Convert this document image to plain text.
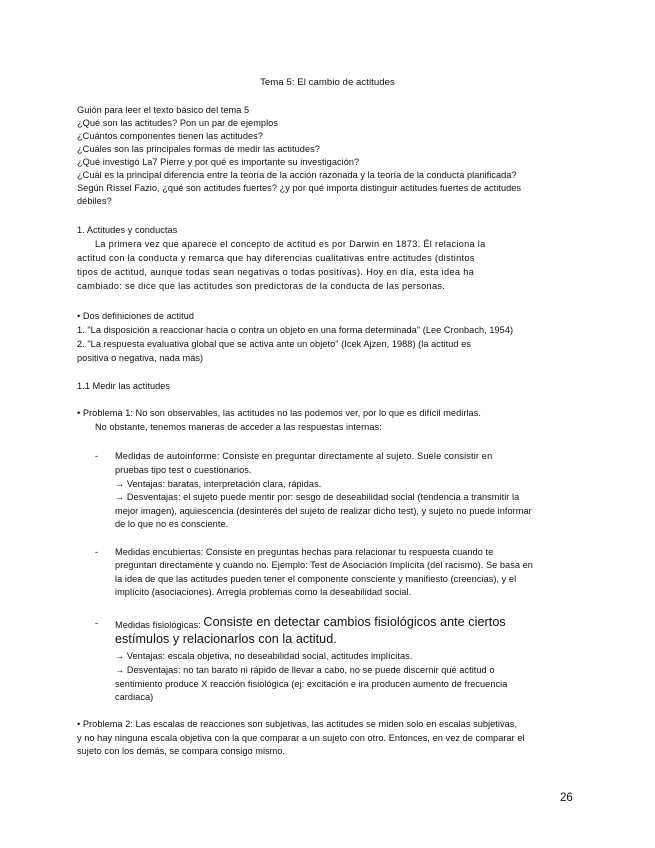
Tema 5: El cambio de actitudes
Guión para leer el texto básico del tema 5
¿Qué son las actitudes? Pon un par de ejemplos
¿Cuántos componentes tienen las actitudes?
¿Cuáles son las principales formas de medir las actitudes?
¿Qué investigó La7 Pierre y por qué es importante su investigación?
¿Cuál es la principal diferencia entre la teoría de la acción razonada y la teoría de la conducta planificada?
Según Rissel Fazio, ¿qué son actitudes fuertes? ¿y por qué importa distinguir actitudes fuertes de actitudes
débiles?
1. Actitudes y conductas
La primera vez que aparece el concepto de actitud es por Darwin en 1873. Él relaciona la
actitud con la conducta y remarca que hay diferencias cualitativas entre actitudes (distintos
tipos de actitud, aunque todas sean negativas o todas positivas). Hoy en día, esta idea ha
cambiado: se dice que las actitudes son predictoras de la conducta de las personas.
• Dos definiciones de actitud
1. "La disposición a reaccionar hacia o contra un objeto en una forma determinada" (Lee Cronbach, 1954)
2. "La respuesta evaluativa global que se activa ante un objeto" (Icek Ajzen, 1988) (la actitud es
positiva o negativa, nada más)
1.1 Medir las actitudes
• Problema 1: No son observables, las actitudes no las podemos ver, por lo que es difícil medirlas.
No obstante, tenemos maneras de acceder a las respuestas internas:
- Medidas de autoinforme: Consiste en preguntar directamente al sujeto. Suele consistir en
pruebas tipo test o cuestionarios.
→ Ventajas: baratas, interpretación clara, rápidas.
→ Desventajas: el sujeto puede mentir por: sesgo de deseabilidad social (tendencia a transmitir la
mejor imagen), aquiescencia (desinterés del sujeto de realizar dicho test), y sujeto no puede informar
de lo que no es consciente.
- Medidas encubiertas: Consiste en preguntas hechas para relacionar tu respuesta cuando te
preguntan directamente y cuando no. Ejemplo: Test de Asociación Implícita (del racismo). Se basa en
la idea de que las actitudes pueden tener el componente consciente y manifiesto (creencias), y el
implícito (asociaciones). Arregla problemas como la deseabilidad social.
- Medidas fisiológicas: Consiste en detectar cambios fisiológicos ante ciertos
estímulos y relacionarlos con la actitud.
→ Ventajas: escala objetiva, no deseabilidad social, actitudes implícitas.
→ Desventajas: no tan barato ni rápido de llevar a cabo, no se puede discernir qué actitud o
sentimiento produce X reacción fisiológica (ej: excitación e ira producen aumento de frecuencia
cardiaca)
• Problema 2: Las escalas de reacciones son subjetivas, las actitudes se miden solo en escalas subjetivas,
y no hay ninguna escala objetiva con la que comparar a un sujeto con otro. Entonces, en vez de comparar el
sujeto con los demás, se compara consigo mismo.
26
